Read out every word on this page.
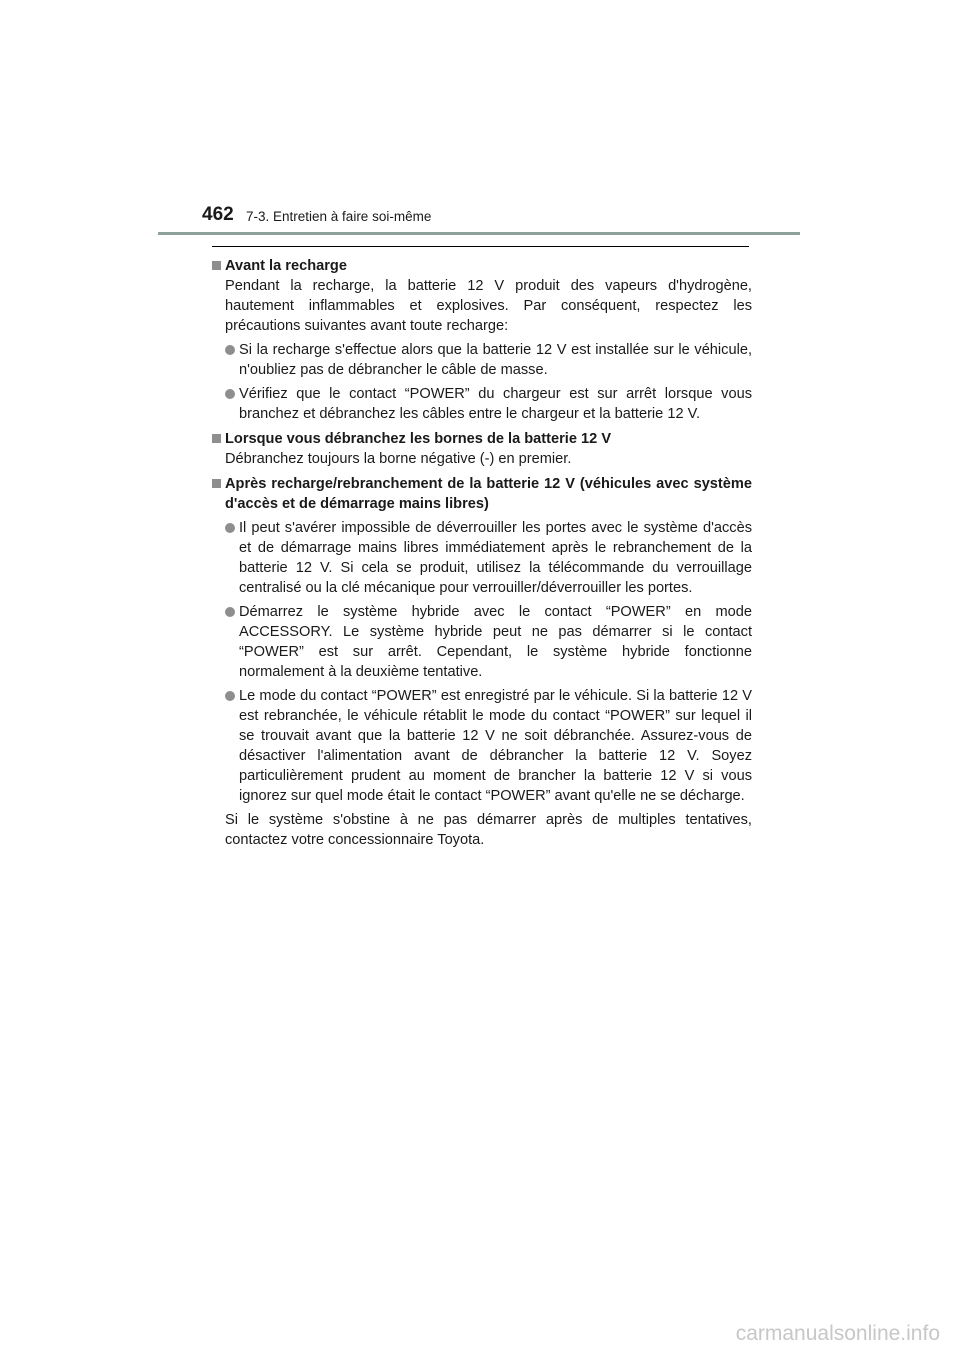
462 7-3. Entretien à faire soi-même
Avant la recharge
Pendant la recharge, la batterie 12 V produit des vapeurs d'hydrogène, hautement inflammables et explosives. Par conséquent, respectez les précautions suivantes avant toute recharge:
Si la recharge s'effectue alors que la batterie 12 V est installée sur le véhicule, n'oubliez pas de débrancher le câble de masse.
Vérifiez que le contact “POWER” du chargeur est sur arrêt lorsque vous branchez et débranchez les câbles entre le chargeur et la batterie 12 V.
Lorsque vous débranchez les bornes de la batterie 12 V
Débranchez toujours la borne négative (-) en premier.
Après recharge/rebranchement de la batterie 12 V (véhicules avec système d'accès et de démarrage mains libres)
Il peut s'avérer impossible de déverrouiller les portes avec le système d'accès et de démarrage mains libres immédiatement après le rebranchement de la batterie 12 V. Si cela se produit, utilisez la télécommande du verrouillage centralisé ou la clé mécanique pour verrouiller/déverrouiller les portes.
Démarrez le système hybride avec le contact “POWER” en mode ACCESSORY. Le système hybride peut ne pas démarrer si le contact “POWER” est sur arrêt. Cependant, le système hybride fonctionne normalement à la deuxième tentative.
Le mode du contact “POWER” est enregistré par le véhicule. Si la batterie 12 V est rebranchée, le véhicule rétablit le mode du contact “POWER” sur lequel il se trouvait avant que la batterie 12 V ne soit débranchée. Assurez-vous de désactiver l'alimentation avant de débrancher la batterie 12 V. Soyez particulièrement prudent au moment de brancher la batterie 12 V si vous ignorez sur quel mode était le contact “POWER” avant qu'elle ne se décharge.
Si le système s'obstine à ne pas démarrer après de multiples tentatives, contactez votre concessionnaire Toyota.
carmanualsonline.info
